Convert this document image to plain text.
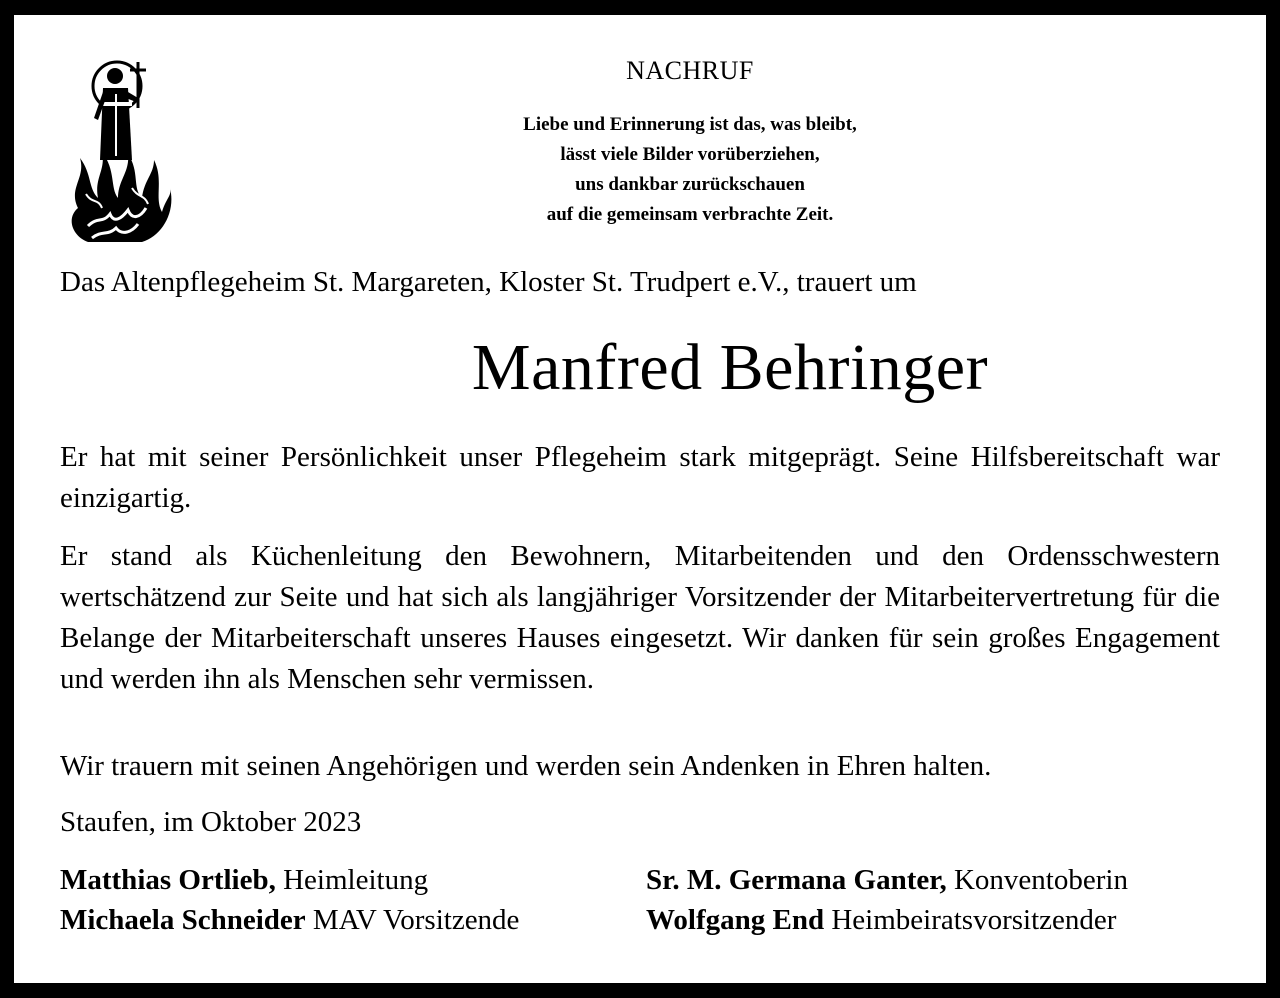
NACHRUF
Liebe und Erinnerung ist das, was bleibt,
lässt viele Bilder vorüberziehen,
uns dankbar zurückschauen
auf die gemeinsam verbrachte Zeit.
Das Altenpflegeheim St. Margareten, Kloster St. Trudpert e.V., trauert um
Manfred Behringer
Er hat mit seiner Persönlichkeit unser Pflegeheim stark mitgeprägt. Seine Hilfsbereitschaft war einzigartig.
Er stand als Küchenleitung den Bewohnern, Mitarbeitenden und den Ordensschwestern wertschätzend zur Seite und hat sich als langjähriger Vorsitzender der Mitarbeitervertretung für die Belange der Mitarbeiterschaft unseres Hauses eingesetzt. Wir danken für sein großes Engagement und werden ihn als Menschen sehr vermissen.
Wir trauern mit seinen Angehörigen und werden sein Andenken in Ehren halten.
Staufen, im Oktober 2023
Matthias Ortlieb, Heimleitung
Michaela Schneider MAV Vorsitzende
Sr. M. Germana Ganter, Konventoberin
Wolfgang End Heimbeiratsvorsitzender
